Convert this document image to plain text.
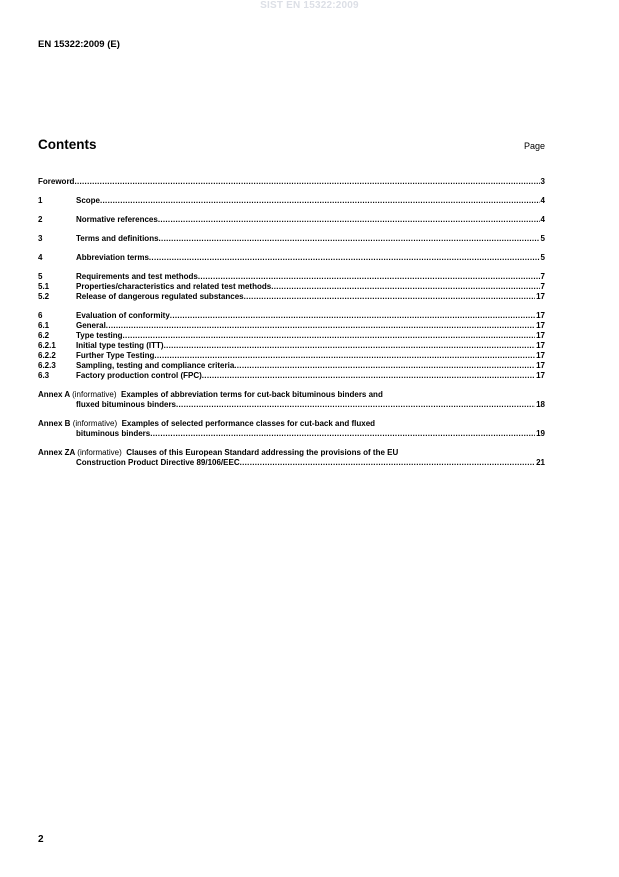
SIST EN 15322:2009
EN 15322:2009 (E)
Contents	Page
Foreword .....	3
1	Scope .....	4
2	Normative references .....	4
3	Terms and definitions .....	5
4	Abbreviation terms .....	5
5	Requirements and test methods .....	7
5.1	Properties/characteristics and related test methods .....	7
5.2	Release of dangerous regulated substances .....	17
6	Evaluation of conformity .....	17
6.1	General .....	17
6.2	Type testing .....	17
6.2.1	Initial type testing (ITT) .....	17
6.2.2	Further Type Testing .....	17
6.2.3	Sampling, testing and compliance criteria .....	17
6.3	Factory production control (FPC) .....	17
Annex A (informative) Examples of abbreviation terms for cut-back bituminous binders and
fluxed bituminous binders .....	18
Annex B (informative) Examples of selected performance classes for cut-back and fluxed
bituminous binders .....	19
Annex ZA (informative) Clauses of this European Standard addressing the provisions of the EU
Construction Product Directive 89/106/EEC .....	21
2
